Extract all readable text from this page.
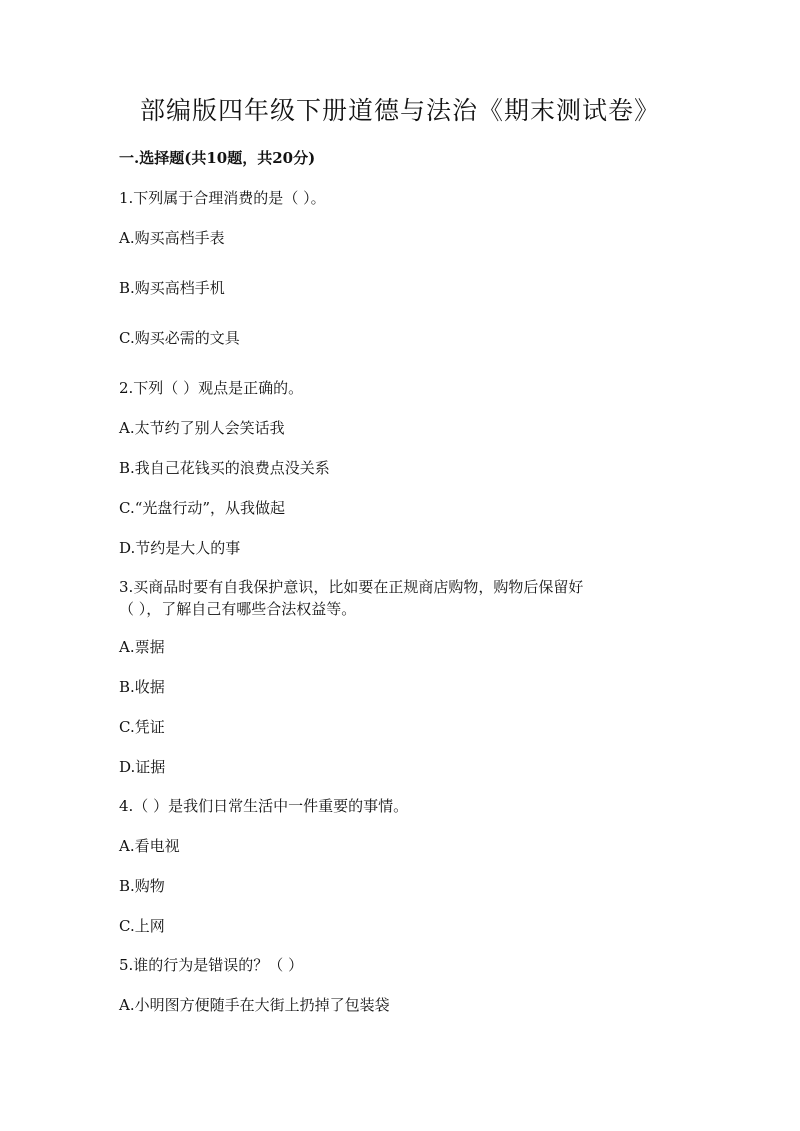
部编版四年级下册道德与法治《期末测试卷》
一.选择题(共10题，共20分)
1.下列属于合理消费的是（ ）。
A.购买高档手表
B.购买高档手机
C.购买必需的文具
2.下列（ ）观点是正确的。
A.太节约了别人会笑话我
B.我自己花钱买的浪费点没关系
C.“光盘行动”，从我做起
D.节约是大人的事
3.买商品时要有自我保护意识，比如要在正规商店购物，购物后保留好
（ ），了解自己有哪些合法权益等。
A.票据
B.收据
C.凭证
D.证据
4.（ ）是我们日常生活中一件重要的事情。
A.看电视
B.购物
C.上网
5.谁的行为是错误的？（ ）
A.小明图方便随手在大街上扔掉了包装袋
